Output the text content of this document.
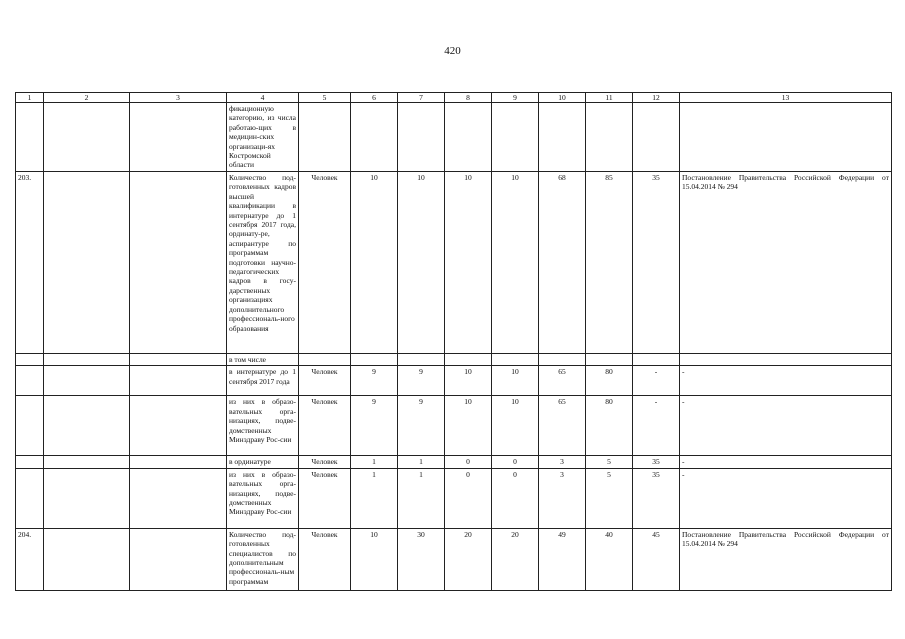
420
1	2	3	4	5	6	7	8	9	10	11	12	13
			фикационную категорию, из числа работаю-щих в медицин-ских организаци-ях Костромской области									
203.			Количество под-готовленных кадров высшей квалификации в интернатуре до 1 сентября 2017 года, ординату-ре, аспирантуре по программам подготовки научно-педагогических кадров в госу-дарственных организациях дополнительного профессиональ-ного образования	Человек	10	10	10	10	68	85	35	Постановление Правительства Российской Федерации от 15.04.2014 № 294
			в том числе									
			в интернатуре до 1 сентября 2017 года	Человек	9	9	10	10	65	80	-	-
			из них в образо-вательных орга-низациях, подве-домственных Минздраву Рос-сии	Человек	9	9	10	10	65	80	-	-
			в ординатуре	Человек	1	1	0	0	3	5	35	-
			из них в образо-вательных орга-низациях, подве-домственных Минздраву Рос-сии	Человек	1	1	0	0	3	5	35	-
204.			Количество под-готовленных специалистов по дополнительным профессиональ-ным программам	Человек	10	30	20	20	49	40	45	Постановление Правительства Российской Федерации от 15.04.2014 № 294
